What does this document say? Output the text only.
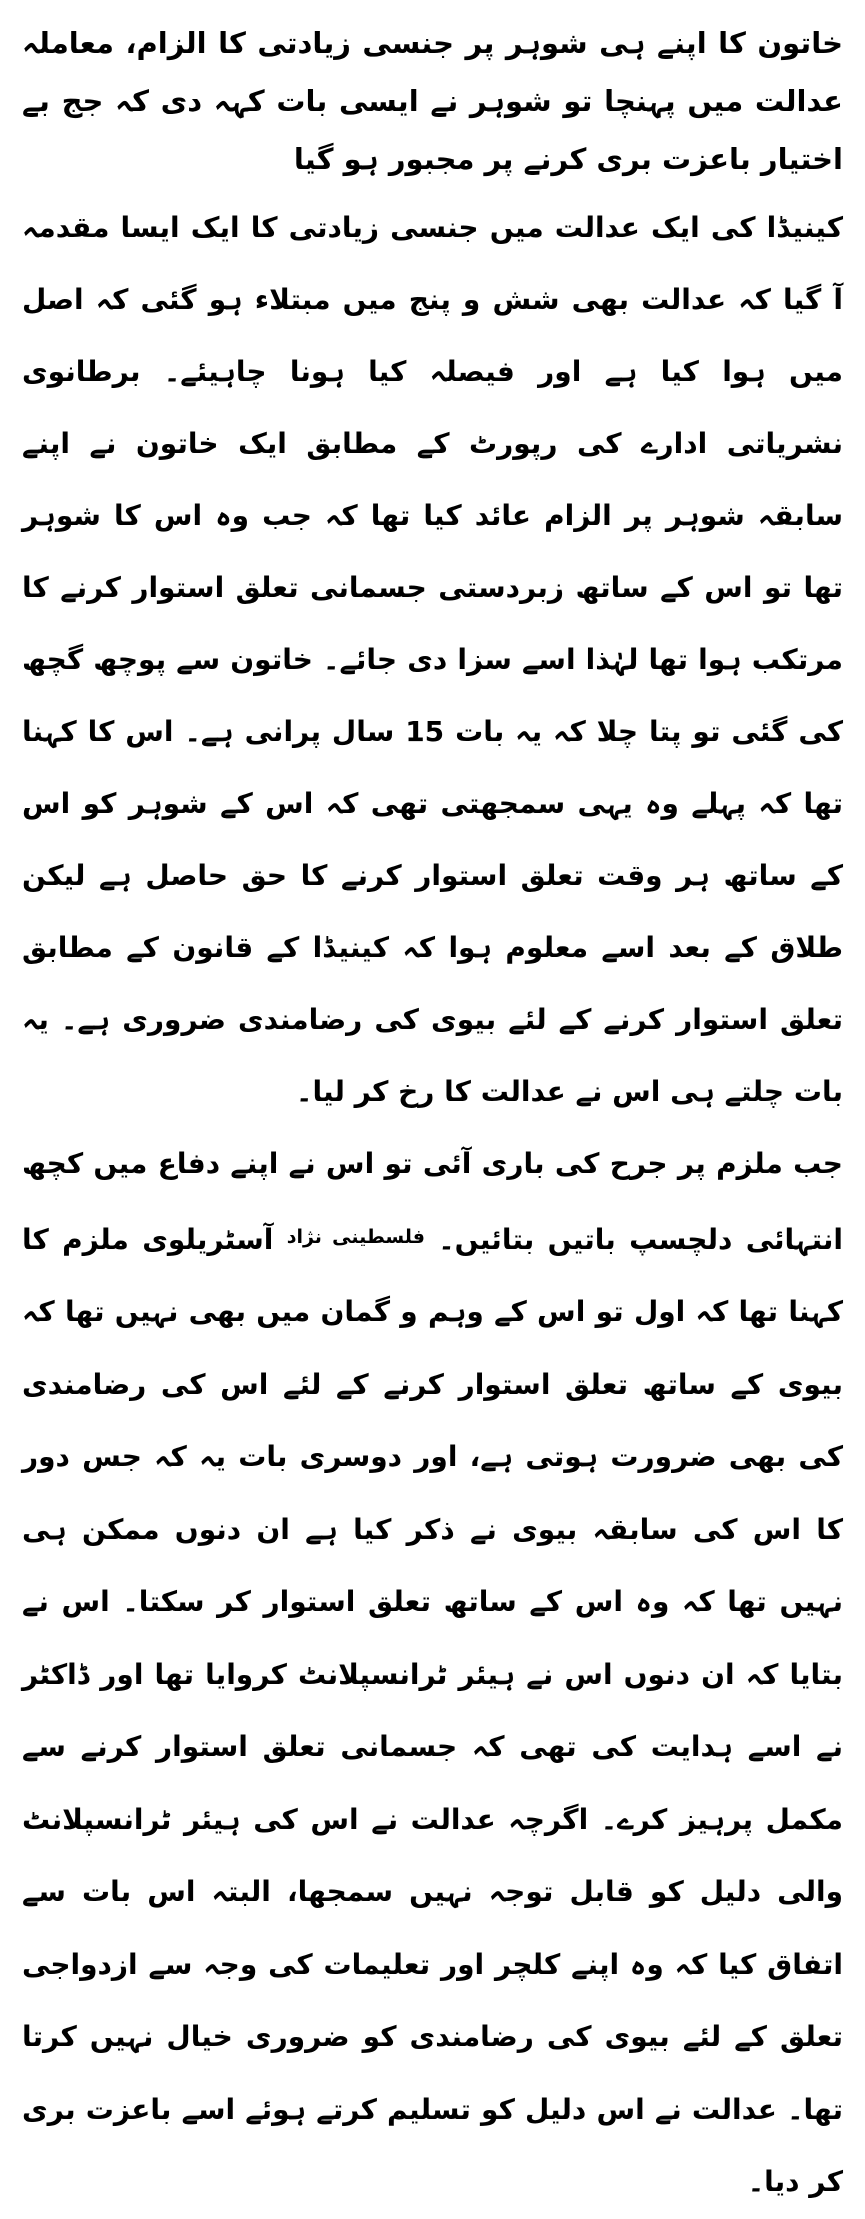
خاتون کا اپنے ہی شوہر پر جنسی زیادتی کا الزام، معاملہ عدالت میں پہنچا تو شوہر نے ایسی بات کہہ دی کہ جج بے اختیار باعزت بری کرنے پر مجبور ہو گیا

کینیڈا کی ایک عدالت میں جنسی زیادتی کا ایک ایسا مقدمہ آ گیا کہ عدالت بھی شش و پنج میں مبتلاء ہو گئی کہ اصل میں ہوا کیا ہے اور فیصلہ کیا ہونا چاہیئے۔ برطانوی نشریاتی ادارے کی رپورٹ کے مطابق ایک خاتون نے اپنے سابقہ شوہر پر الزام عائد کیا تھا کہ جب وہ اس کا شوہر تھا تو اس کے ساتھ زبردستی جسمانی تعلق استوار کرنے کا مرتکب ہوا تھا لہٰذا اسے سزا دی جائے۔ خاتون سے پوچھ گچھ کی گئی تو پتا چلا کہ یہ بات 15 سال پرانی ہے۔ اس کا کہنا تھا کہ پہلے وہ یہی سمجھتی تھی کہ اس کے شوہر کو اس کے ساتھ ہر وقت تعلق استوار کرنے کا حق حاصل ہے لیکن طلاق کے بعد اسے معلوم ہوا کہ کینیڈا کے قانون کے مطابق تعلق استوار کرنے کے لئے بیوی کی رضامندی ضروری ہے۔ یہ بات چلتے ہی اس نے عدالت کا رخ کر لیا۔

جب ملزم پر جرح کی باری آئی تو اس نے اپنے دفاع میں کچھ انتہائی دلچسپ باتیں بتائیں۔ $^{فلسطینی نژاد}$ آسٹریلوی ملزم کا کہنا تھا کہ اول تو اس کے وہم و گمان میں بھی نہیں تھا کہ بیوی کے ساتھ تعلق استوار کرنے کے لئے اس کی رضامندی کی بھی ضرورت ہوتی ہے، اور دوسری بات یہ کہ جس دور کا اس کی سابقہ بیوی نے ذکر کیا ہے ان دنوں ممکن ہی نہیں تھا کہ وہ اس کے ساتھ تعلق استوار کر سکتا۔ اس نے بتایا کہ ان دنوں اس نے ہیئر ٹرانسپلانٹ کروایا تھا اور ڈاکٹر نے اسے ہدایت کی تھی کہ جسمانی تعلق استوار کرنے سے مکمل پرہیز کرے۔ اگرچہ عدالت نے اس کی ہیئر ٹرانسپلانٹ والی دلیل کو قابل توجہ نہیں سمجھا، البتہ اس بات سے اتفاق کیا کہ وہ اپنے کلچر اور تعلیمات کی وجہ سے ازدواجی تعلق کے لئے بیوی کی رضامندی کو ضروری خیال نہیں کرتا تھا۔ عدالت نے اس دلیل کو تسلیم کرتے ہوئے اسے باعزت بری کر دیا۔
